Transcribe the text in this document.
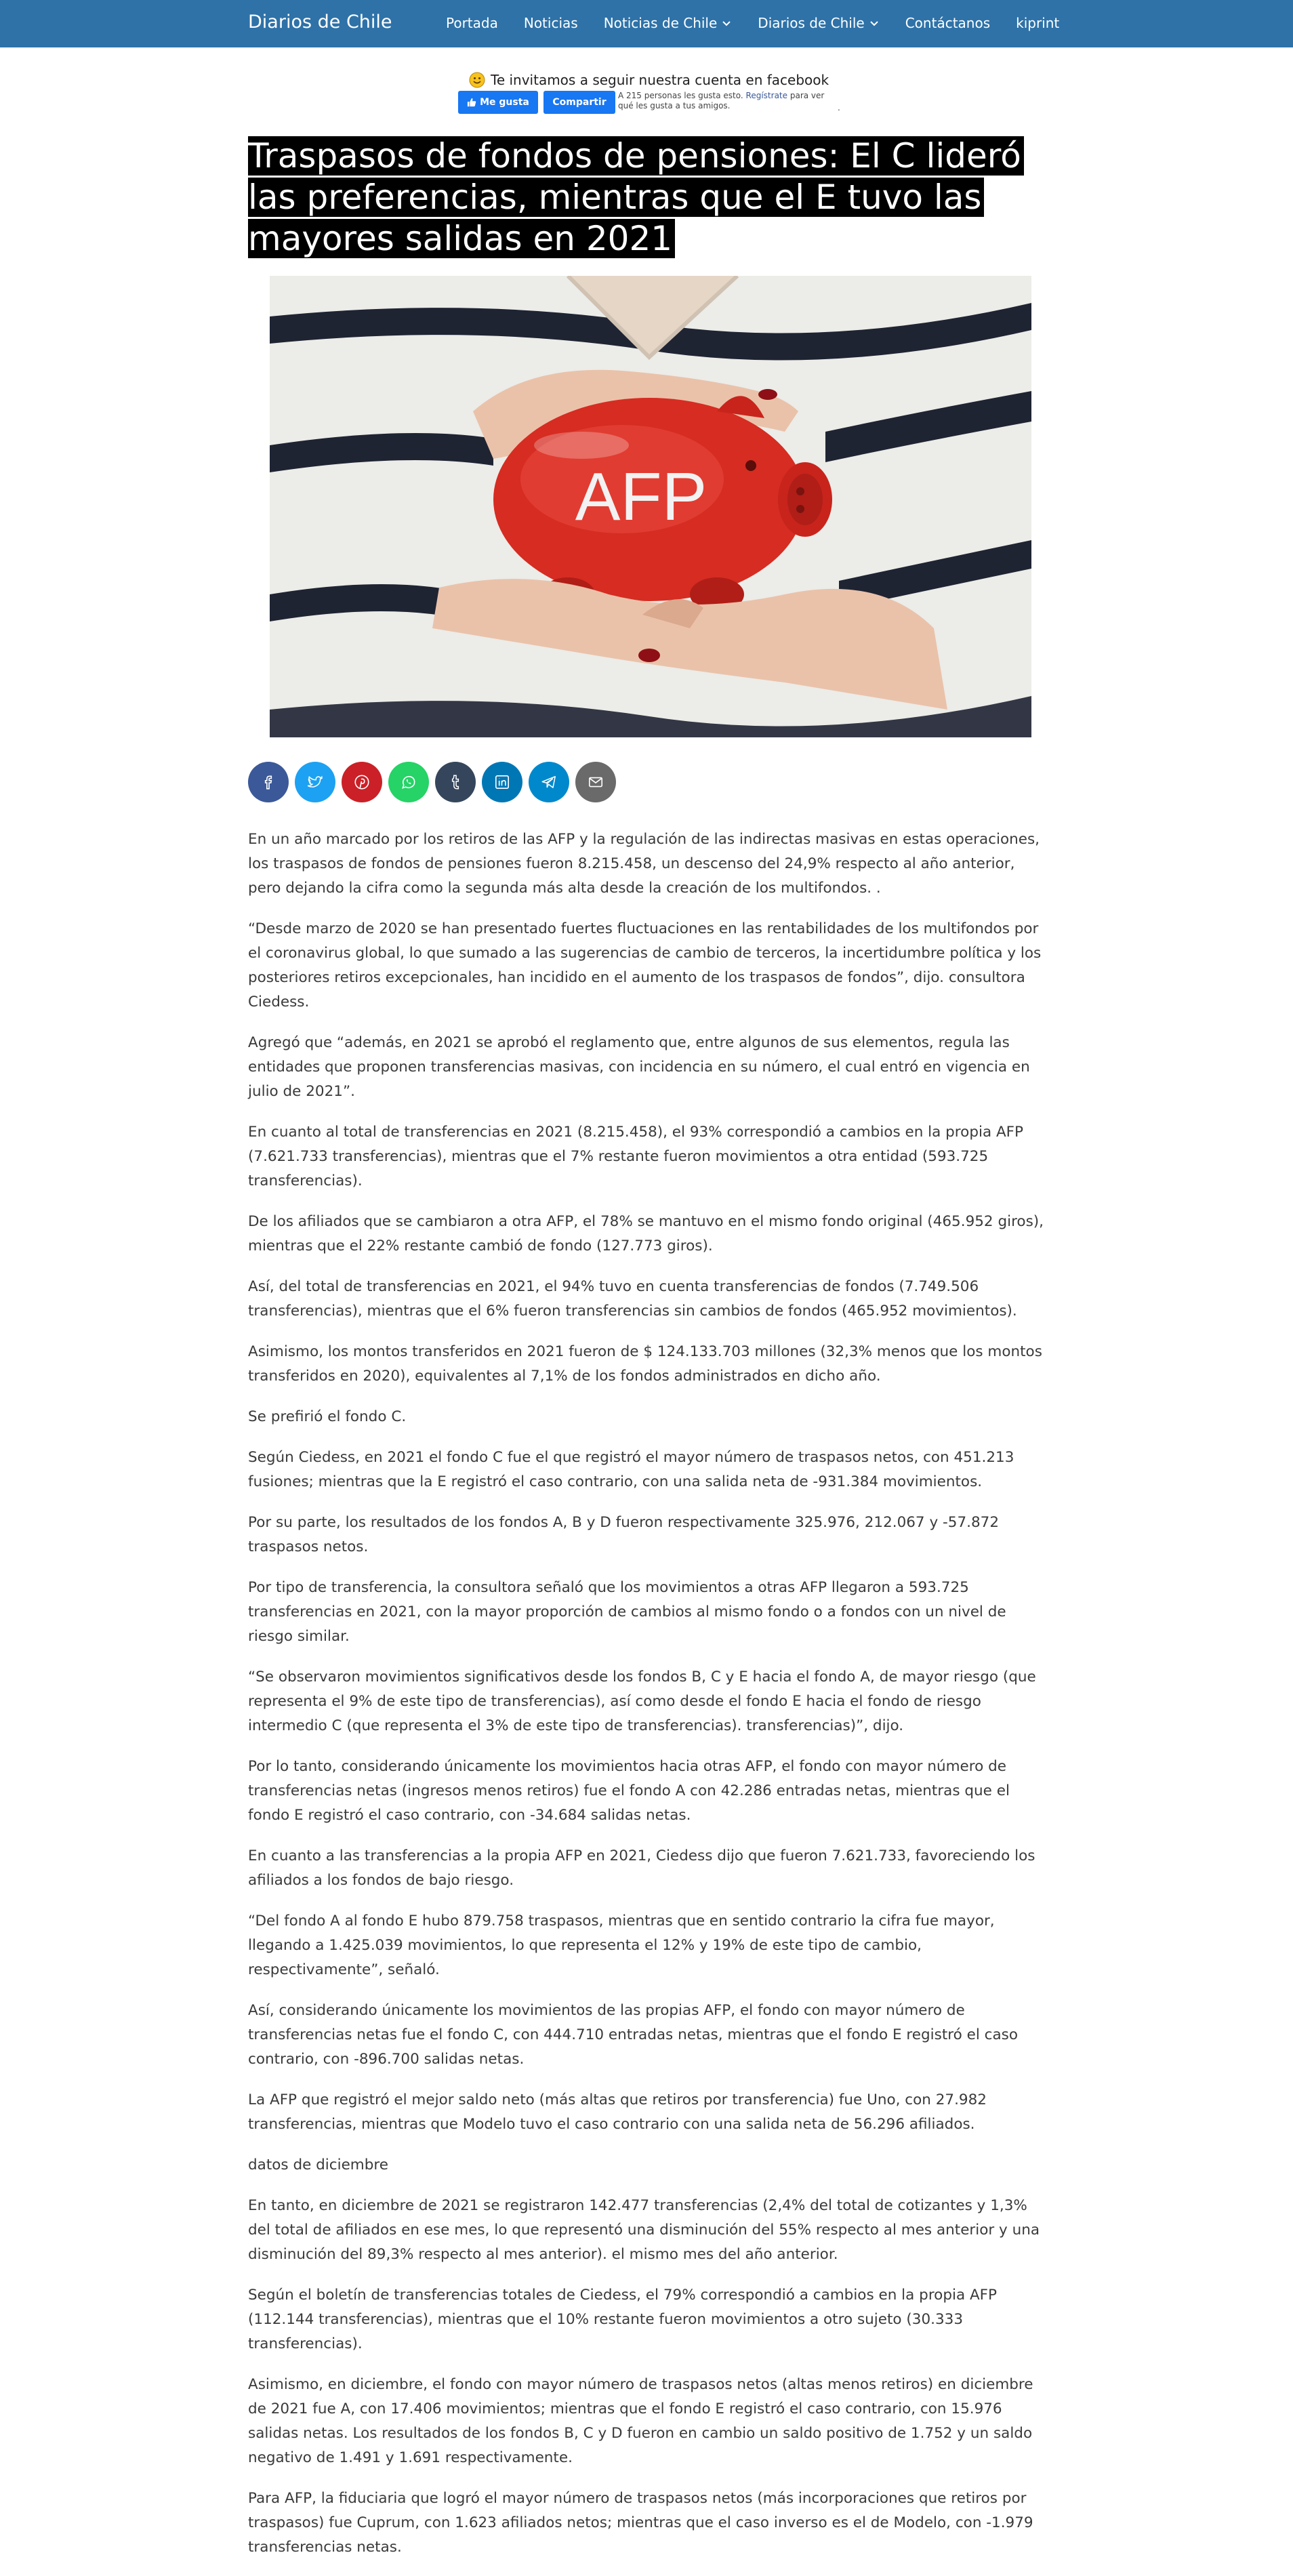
Diarios de Chile	Portada Noticias Noticias de Chile	Diarios de Chile	Contáctanos kiprint
Te invitamos a seguir nuestra cuenta en facebook
Me gusta Compartir
A 215 personas les gusta esto. Regístrate para ver qué les gusta a tus amigos.	.
Traspasos de fondos de pensiones: El C lideró las preferencias, mientras que el E tuvo las mayores salidas en 2021
AFP

En un año marcado por los retiros de las AFP y la regulación de las indirectas masivas en estas operaciones, los traspasos de fondos de pensiones fueron 8.215.458, un descenso del 24,9% respecto al año anterior, pero dejando la cifra como la segunda más alta desde la creación de los multifondos. .

“Desde marzo de 2020 se han presentado fuertes fluctuaciones en las rentabilidades de los multifondos por el coronavirus global, lo que sumado a las sugerencias de cambio de terceros, la incertidumbre política y los posteriores retiros excepcionales, han incidido en el aumento de los traspasos de fondos”, dijo. consultora Ciedess.

Agregó que “además, en 2021 se aprobó el reglamento que, entre algunos de sus elementos, regula las entidades que proponen transferencias masivas, con incidencia en su número, el cual entró en vigencia en julio de 2021”.

En cuanto al total de transferencias en 2021 (8.215.458), el 93% correspondió a cambios en la propia AFP (7.621.733 transferencias), mientras que el 7% restante fueron movimientos a otra entidad (593.725 transferencias).

De los afiliados que se cambiaron a otra AFP, el 78% se mantuvo en el mismo fondo original (465.952 giros), mientras que el 22% restante cambió de fondo (127.773 giros).

Así, del total de transferencias en 2021, el 94% tuvo en cuenta transferencias de fondos (7.749.506 transferencias), mientras que el 6% fueron transferencias sin cambios de fondos (465.952 movimientos).

Asimismo, los montos transferidos en 2021 fueron de $ 124.133.703 millones (32,3% menos que los montos transferidos en 2020), equivalentes al 7,1% de los fondos administrados en dicho año.

Se prefirió el fondo C.

Según Ciedess, en 2021 el fondo C fue el que registró el mayor número de traspasos netos, con 451.213 fusiones; mientras que la E registró el caso contrario, con una salida neta de -931.384 movimientos.

Por su parte, los resultados de los fondos A, B y D fueron respectivamente 325.976, 212.067 y -57.872 traspasos netos.

Por tipo de transferencia, la consultora señaló que los movimientos a otras AFP llegaron a 593.725 transferencias en 2021, con la mayor proporción de cambios al mismo fondo o a fondos con un nivel de riesgo similar.

“Se observaron movimientos significativos desde los fondos B, C y E hacia el fondo A, de mayor riesgo (que representa el 9% de este tipo de transferencias), así como desde el fondo E hacia el fondo de riesgo intermedio C (que representa el 3% de este tipo de transferencias). transferencias)”, dijo.

Por lo tanto, considerando únicamente los movimientos hacia otras AFP, el fondo con mayor número de transferencias netas (ingresos menos retiros) fue el fondo A con 42.286 entradas netas, mientras que el fondo E registró el caso contrario, con -34.684 salidas netas.

En cuanto a las transferencias a la propia AFP en 2021, Ciedess dijo que fueron 7.621.733, favoreciendo los afiliados a los fondos de bajo riesgo.

“Del fondo A al fondo E hubo 879.758 traspasos, mientras que en sentido contrario la cifra fue mayor, llegando a 1.425.039 movimientos, lo que representa el 12% y 19% de este tipo de cambio, respectivamente”, señaló.

Así, considerando únicamente los movimientos de las propias AFP, el fondo con mayor número de transferencias netas fue el fondo C, con 444.710 entradas netas, mientras que el fondo E registró el caso contrario, con -896.700 salidas netas.

La AFP que registró el mejor saldo neto (más altas que retiros por transferencia) fue Uno, con 27.982 transferencias, mientras que Modelo tuvo el caso contrario con una salida neta de 56.296 afiliados.

datos de diciembre

En tanto, en diciembre de 2021 se registraron 142.477 transferencias (2,4% del total de cotizantes y 1,3% del total de afiliados en ese mes, lo que representó una disminución del 55% respecto al mes anterior y una disminución del 89,3% respecto al mes anterior). el mismo mes del año anterior.

Según el boletín de transferencias totales de Ciedess, el 79% correspondió a cambios en la propia AFP (112.144 transferencias), mientras que el 10% restante fueron movimientos a otro sujeto (30.333 transferencias).

Asimismo, en diciembre, el fondo con mayor número de traspasos netos (altas menos retiros) en diciembre de 2021 fue A, con 17.406 movimientos; mientras que el fondo E registró el caso contrario, con 15.976 salidas netas. Los resultados de los fondos B, C y D fueron en cambio un saldo positivo de 1.752 y un saldo negativo de 1.491 y 1.691 respectivamente.

Para AFP, la fiduciaria que logró el mayor número de traspasos netos (más incorporaciones que retiros por traspasos) fue Cuprum, con 1.623 afiliados netos; mientras que el caso inverso es el de Modelo, con -1.979 transferencias netas.
